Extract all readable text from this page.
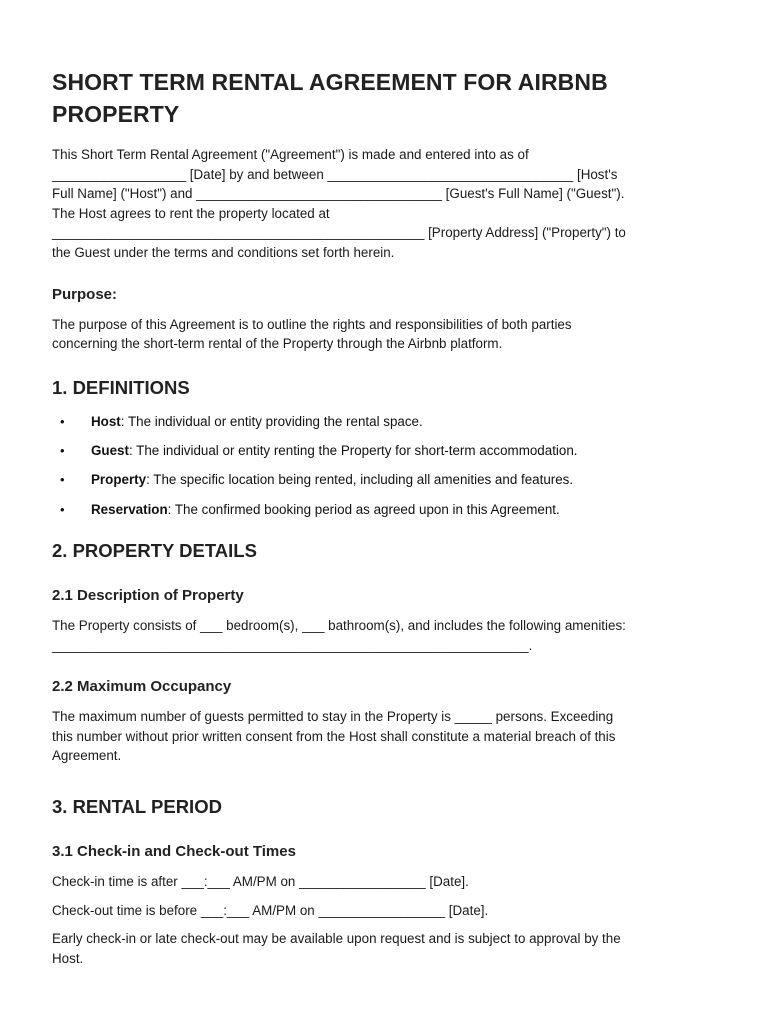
SHORT TERM RENTAL AGREEMENT FOR AIRBNB
PROPERTY

This Short Term Rental Agreement ("Agreement") is made and entered into as of
__________________ [Date] by and between _________________________________ [Host's
Full Name] ("Host") and _________________________________ [Guest's Full Name] ("Guest").
The Host agrees to rent the property located at
__________________________________________________ [Property Address] ("Property") to
the Guest under the terms and conditions set forth herein.

Purpose:

The purpose of this Agreement is to outline the rights and responsibilities of both parties
concerning the short-term rental of the Property through the Airbnb platform.

1. DEFINITIONS
• Host: The individual or entity providing the rental space.
• Guest: The individual or entity renting the Property for short-term accommodation.
• Property: The specific location being rented, including all amenities and features.
• Reservation: The confirmed booking period as agreed upon in this Agreement.
2. PROPERTY DETAILS
2.1 Description of Property

The Property consists of ___ bedroom(s), ___ bathroom(s), and includes the following amenities:
________________________________________________________________.

2.2 Maximum Occupancy

The maximum number of guests permitted to stay in the Property is _____ persons. Exceeding
this number without prior written consent from the Host shall constitute a material breach of this
Agreement.

3. RENTAL PERIOD
3.1 Check-in and Check-out Times

Check-in time is after ___:___ AM/PM on _________________ [Date].

Check-out time is before ___:___ AM/PM on _________________ [Date].

Early check-in or late check-out may be available upon request and is subject to approval by the
Host.
